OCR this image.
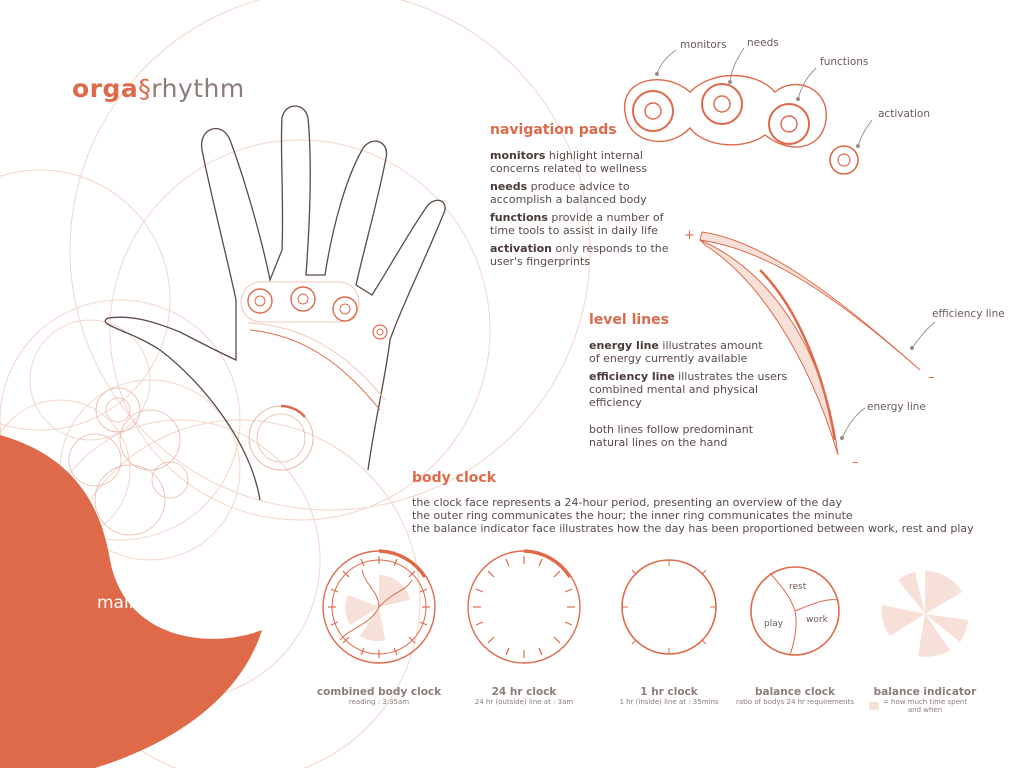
orga§rhythm

main interface

monitors needs

functions

activation

navigation pads

monitors highlight internal
concerns related to wellness
needs produce advice to
accomplish a balanced body
functions provide a number of
time tools to assist in daily life
activation only responds to the
user's fingerprints

+

efficiency line

–

energy line

–

level lines

energy line illustrates amount
of energy currently available
efficiency line illustrates the users
combined mental and physical
efficiency
both lines follow predominant
natural lines on the hand

body clock

the clock face represents a 24-hour period, presenting an overview of the day
the outer ring communicates the hour; the inner ring communicates the minute
the balance indicator face illustrates how the day has been proportioned between work, rest and play

rest

play	work

combined body clock
reading : 3:35am
24 hr clock
24 hr (outside) line at : 3am
1 hr clock
1 hr (inside) line at : 35mins
balance clock
ratio of bodys 24 hr requirements
balance indicator
= how much time spent
and when
